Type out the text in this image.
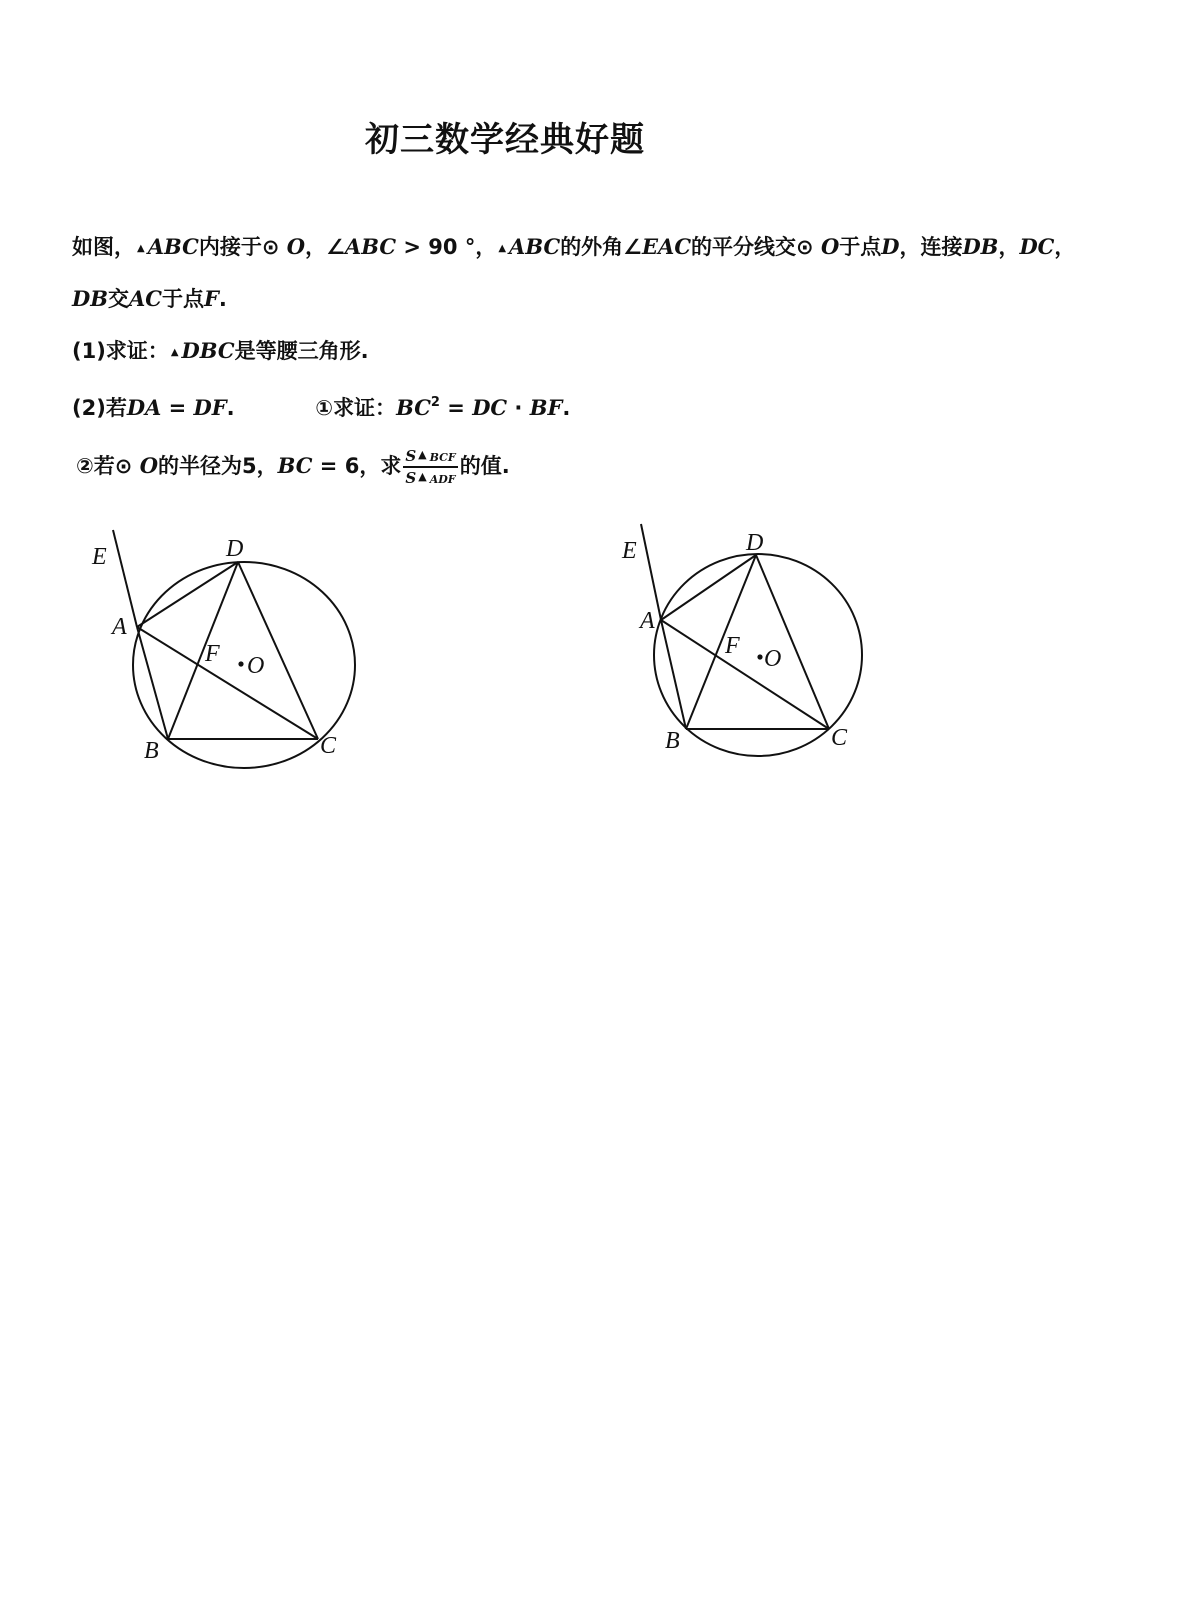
初三数学经典好题
如图， ▲ ABC内接于⊙ O，∠ABC > 90 °， ▲ ABC的外角∠EAC的平分线交⊙ O于点D，连接DB，DC，
DB交AC于点F.
(1)求证： ▲ DBC是等腰三角形.
(2)若DA = DF.	①求证：$BC^2$ = DC · BF.
②若⊙ O的半径为5，BC = 6，求 $\frac{S ^▲ BCF}{S ^▲ ADF}$ 的值.
E	D
A
F O
B	C
E	D
A
F O
B	C
